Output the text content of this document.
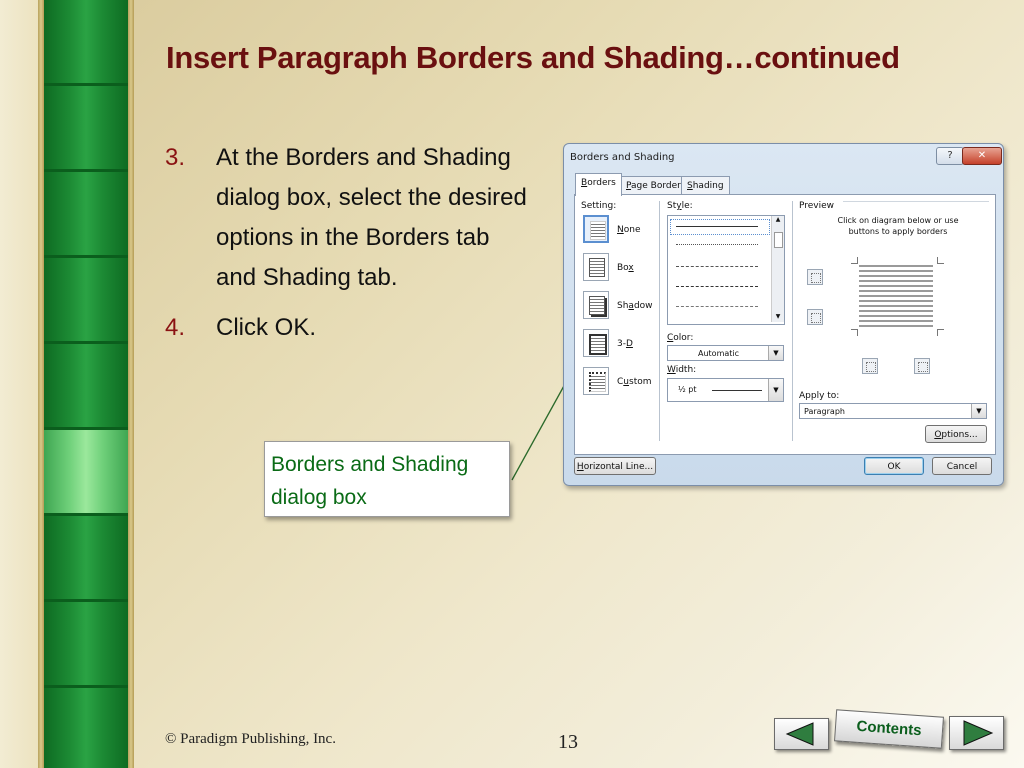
Insert Paragraph Borders and Shading…continued
3. At the Borders and Shading dialog box, select the desired options in the Borders tab and Shading tab.
4. Click OK.
Borders and Shading dialog box
Borders and Shading	?	✕
Borders	Page Border Shading
Setting:
None
Box
Shadow
3-D
Custom
Style:
▲
▼
Color:
Automatic	▼
Width:
½ pt	▼
Preview
Click on diagram below or use buttons to apply borders
Apply to:
Paragraph	▼
Options...
Horizontal Line...	OK	Cancel
© Paradigm Publishing, Inc.	13
Contents
